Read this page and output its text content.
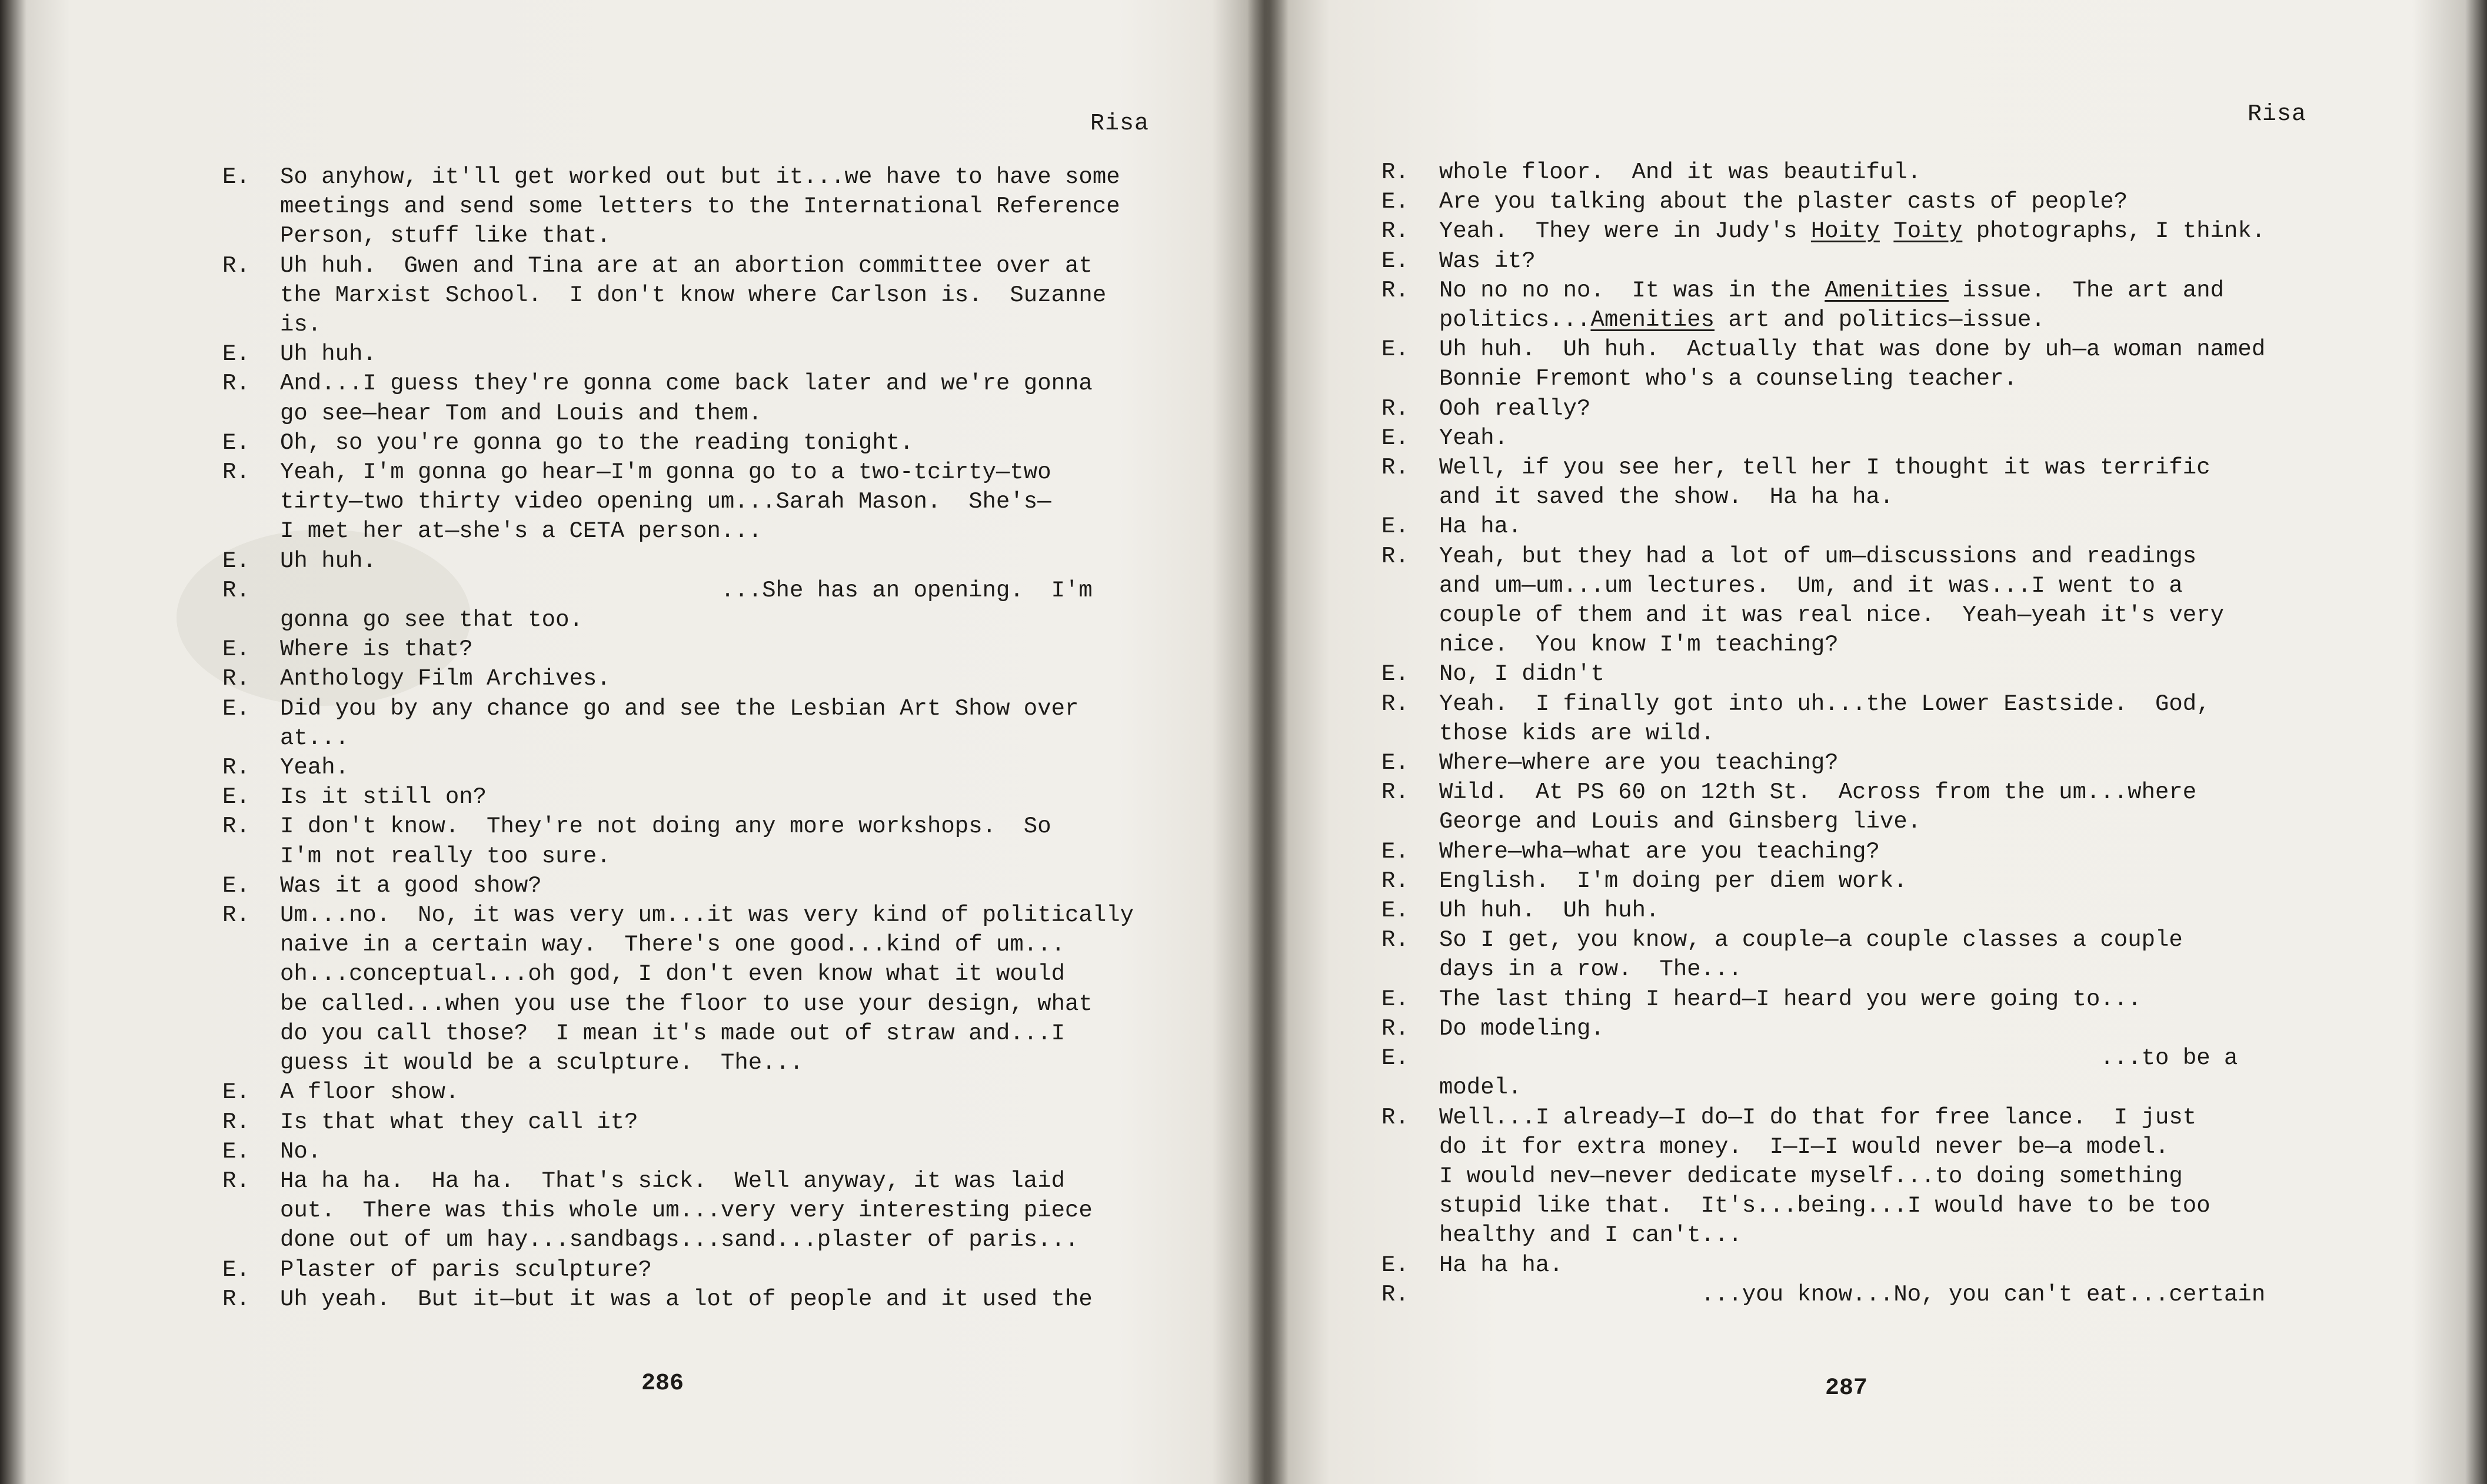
Risa
E.	So anyhow, it'll get worked out but it...we have to have some
meetings and send some letters to the International Reference
Person, stuff like that.
R.	Uh huh.  Gwen and Tina are at an abortion committee over at
the Marxist School.  I don't know where Carlson is.  Suzanne
is.
E.	Uh huh.
R.	And...I guess they're gonna come back later and we're gonna
go see—hear Tom and Louis and them.
E.	Oh, so you're gonna go to the reading tonight.
R.	Yeah, I'm gonna go hear—I'm gonna go to a two-tcirty—two
tirty—two thirty video opening um...Sarah Mason.  She's—
I met her at—she's a CETA person...
E.	Uh huh.
R.	...She has an opening.  I'm
gonna go see that too.
E.	Where is that?
R.	Anthology Film Archives.
E.	Did you by any chance go and see the Lesbian Art Show over
at...
R.	Yeah.
E.	Is it still on?
R.	I don't know.  They're not doing any more workshops.  So
I'm not really too sure.
E.	Was it a good show?
R.	Um...no.  No, it was very um...it was very kind of politically
naive in a certain way.  There's one good...kind of um...
oh...conceptual...oh god, I don't even know what it would
be called...when you use the floor to use your design, what
do you call those?  I mean it's made out of straw and...I
guess it would be a sculpture.  The...
E.	A floor show.
R.	Is that what they call it?
E.	No.
R.	Ha ha ha.  Ha ha.  That's sick.  Well anyway, it was laid
out.  There was this whole um...very very interesting piece
done out of um hay...sandbags...sand...plaster of paris...
E.	Plaster of paris sculpture?
R.	Uh yeah.  But it—but it was a lot of people and it used the
286
Risa
R.	whole floor.  And it was beautiful.
E.	Are you talking about the plaster casts of people?
R.	Yeah.  They were in Judy's Hoity Toity photographs, I think.
E.	Was it?
R.	No no no no.  It was in the Amenities issue.  The art and
politics...Amenities art and politics—issue.
E.	Uh huh.  Uh huh.  Actually that was done by uh—a woman named
Bonnie Fremont who's a counseling teacher.
R.	Ooh really?
E.	Yeah.
R.	Well, if you see her, tell her I thought it was terrific
and it saved the show.  Ha ha ha.
E.	Ha ha.
R.	Yeah, but they had a lot of um—discussions and readings
and um—um...um lectures.  Um, and it was...I went to a
couple of them and it was real nice.  Yeah—yeah it's very
nice.  You know I'm teaching?
E.	No, I didn't
R.	Yeah.  I finally got into uh...the Lower Eastside.  God,
those kids are wild.
E.	Where—where are you teaching?
R.	Wild.  At PS 60 on 12th St.  Across from the um...where
George and Louis and Ginsberg live.
E.	Where—wha—what are you teaching?
R.	English.  I'm doing per diem work.
E.	Uh huh.  Uh huh.
R.	So I get, you know, a couple—a couple classes a couple
days in a row.  The...
E.	The last thing I heard—I heard you were going to...
R.	Do modeling.
E.	...to be a
model.
R.	Well...I already—I do—I do that for free lance.  I just
do it for extra money.  I—I—I would never be—a model.
I would nev—never dedicate myself...to doing something
stupid like that.  It's...being...I would have to be too
healthy and I can't...
E.	Ha ha ha.
R.	...you know...No, you can't eat...certain
287
